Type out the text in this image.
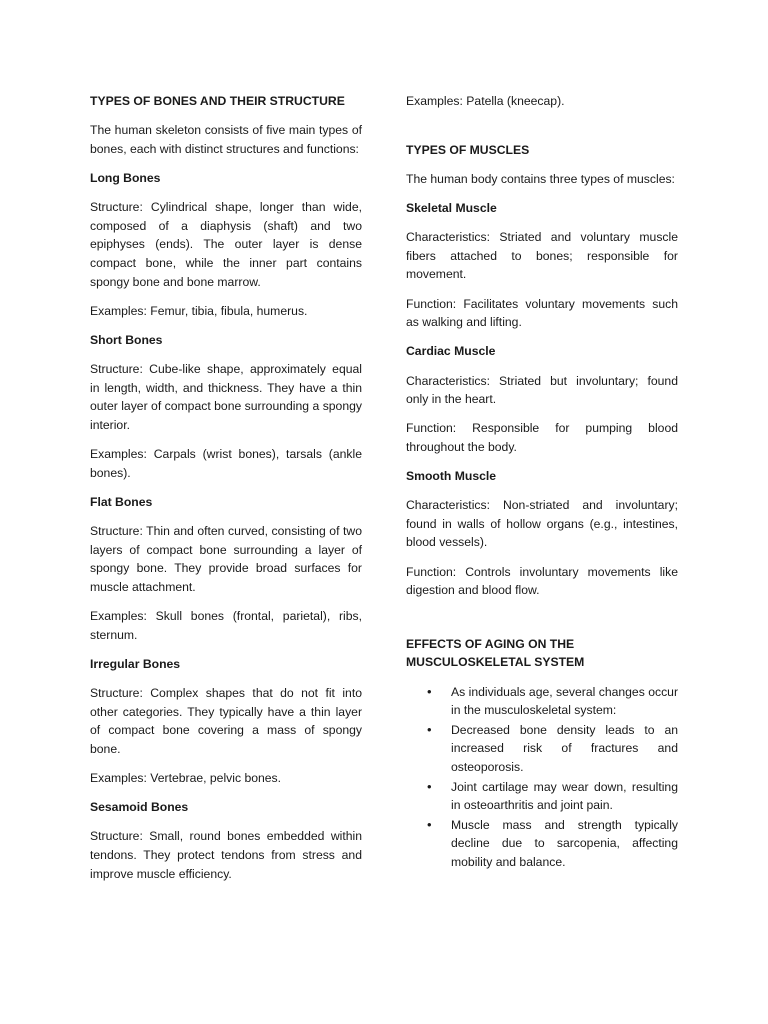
TYPES OF BONES AND THEIR STRUCTURE

The human skeleton consists of five main types of bones, each with distinct structures and functions:

Long Bones

Structure: Cylindrical shape, longer than wide, composed of a diaphysis (shaft) and two epiphyses (ends). The outer layer is dense compact bone, while the inner part contains spongy bone and bone marrow.

Examples: Femur, tibia, fibula, humerus.

Short Bones

Structure: Cube-like shape, approximately equal in length, width, and thickness. They have a thin outer layer of compact bone surrounding a spongy interior.

Examples: Carpals (wrist bones), tarsals (ankle bones).

Flat Bones

Structure: Thin and often curved, consisting of two layers of compact bone surrounding a layer of spongy bone. They provide broad surfaces for muscle attachment.

Examples: Skull bones (frontal, parietal), ribs, sternum.

Irregular Bones

Structure: Complex shapes that do not fit into other categories. They typically have a thin layer of compact bone covering a mass of spongy bone.

Examples: Vertebrae, pelvic bones.

Sesamoid Bones

Structure: Small, round bones embedded within tendons. They protect tendons from stress and improve muscle efficiency.

Examples: Patella (kneecap).

TYPES OF MUSCLES

The human body contains three types of muscles:

Skeletal Muscle

Characteristics: Striated and voluntary muscle fibers attached to bones; responsible for movement.

Function: Facilitates voluntary movements such as walking and lifting.

Cardiac Muscle

Characteristics: Striated but involuntary; found only in the heart.

Function: Responsible for pumping blood throughout the body.

Smooth Muscle

Characteristics: Non-striated and involuntary; found in walls of hollow organs (e.g., intestines, blood vessels).

Function: Controls involuntary movements like digestion and blood flow.

EFFECTS OF AGING ON THE MUSCULOSKELETAL SYSTEM

• As individuals age, several changes occur in the musculoskeletal system:
• Decreased bone density leads to an increased risk of fractures and osteoporosis.
• Joint cartilage may wear down, resulting in osteoarthritis and joint pain.
• Muscle mass and strength typically decline due to sarcopenia, affecting mobility and balance.
